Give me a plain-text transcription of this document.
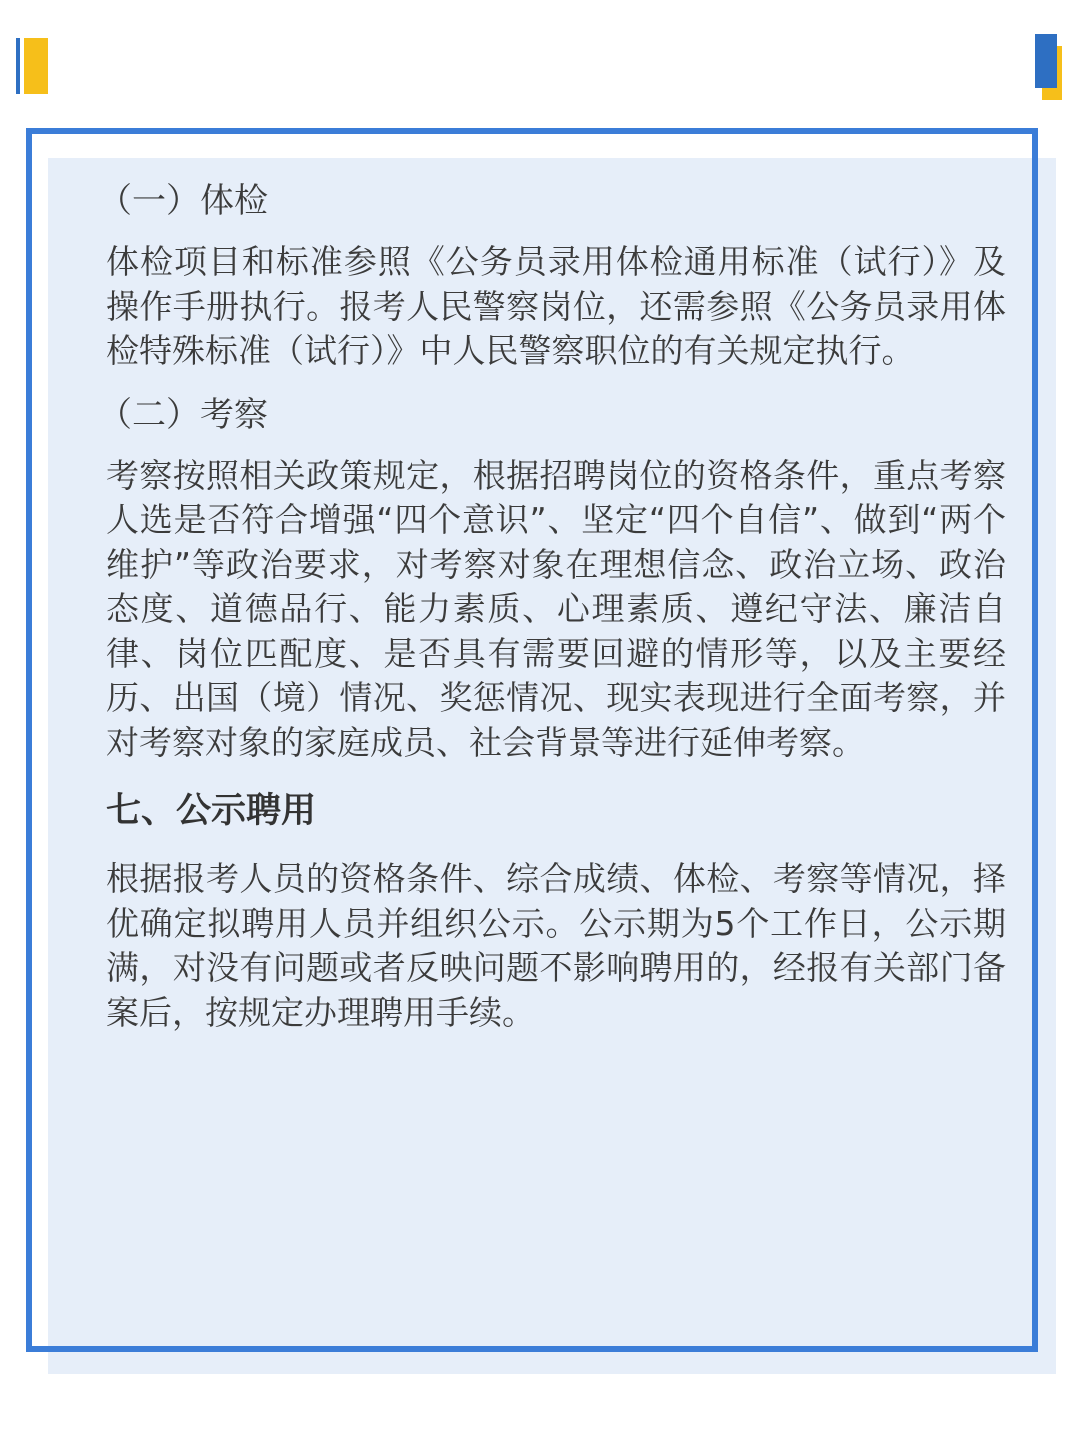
（一）体检

体检项目和标准参照《公务员录用体检通用标准（试行）》及操作手册执行。报考人民警察岗位，还需参照《公务员录用体检特殊标准（试行）》中人民警察职位的有关规定执行。

（二）考察

考察按照相关政策规定，根据招聘岗位的资格条件，重点考察人选是否符合增强“四个意识”、坚定“四个自信”、做到“两个维护”等政治要求，对考察对象在理想信念、政治立场、政治态度、道德品行、能力素质、心理素质、遵纪守法、廉洁自律、岗位匹配度、是否具有需要回避的情形等，以及主要经历、出国（境）情况、奖惩情况、现实表现进行全面考察，并对考察对象的家庭成员、社会背景等进行延伸考察。

七、公示聘用

根据报考人员的资格条件、综合成绩、体检、考察等情况，择优确定拟聘用人员并组织公示。公示期为5个工作日，公示期满，对没有问题或者反映问题不影响聘用的，经报有关部门备案后，按规定办理聘用手续。
